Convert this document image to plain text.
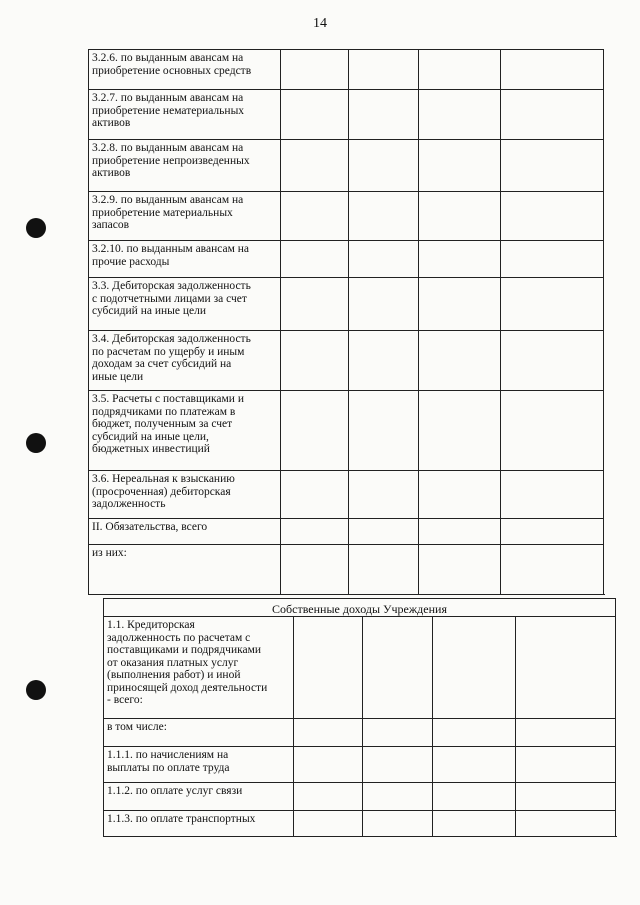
14
Собственные доходы Учреждения
3.2.6. по выданным авансам на
приобретение основных средств
3.2.7. по выданным авансам на
приобретение нематериальных
активов
3.2.8. по выданным авансам на
приобретение непроизведенных
активов
3.2.9. по выданным авансам на
приобретение материальных
запасов
3.2.10. по выданным авансам на
прочие расходы
3.3. Дебиторская задолженность
с подотчетными лицами за счет
субсидий на иные цели
3.4. Дебиторская задолженность
по расчетам по ущербу и иным
доходам за счет субсидий на
иные цели
3.5. Расчеты с поставщиками и
подрядчиками по платежам в
бюджет, полученным за счет
субсидий на иные цели,
бюджетных инвестиций
3.6. Нереальная к взысканию
(просроченная) дебиторская
задолженность
II. Обязательства, всего
из них:
1.1. Кредиторская
задолженность по расчетам с
поставщиками и подрядчиками
от оказания платных услуг
(выполнения работ) и иной
приносящей доход деятельности
- всего:
в том числе:
1.1.1. по начислениям на
выплаты по оплате труда
1.1.2. по оплате услуг связи
1.1.3. по оплате транспортных
